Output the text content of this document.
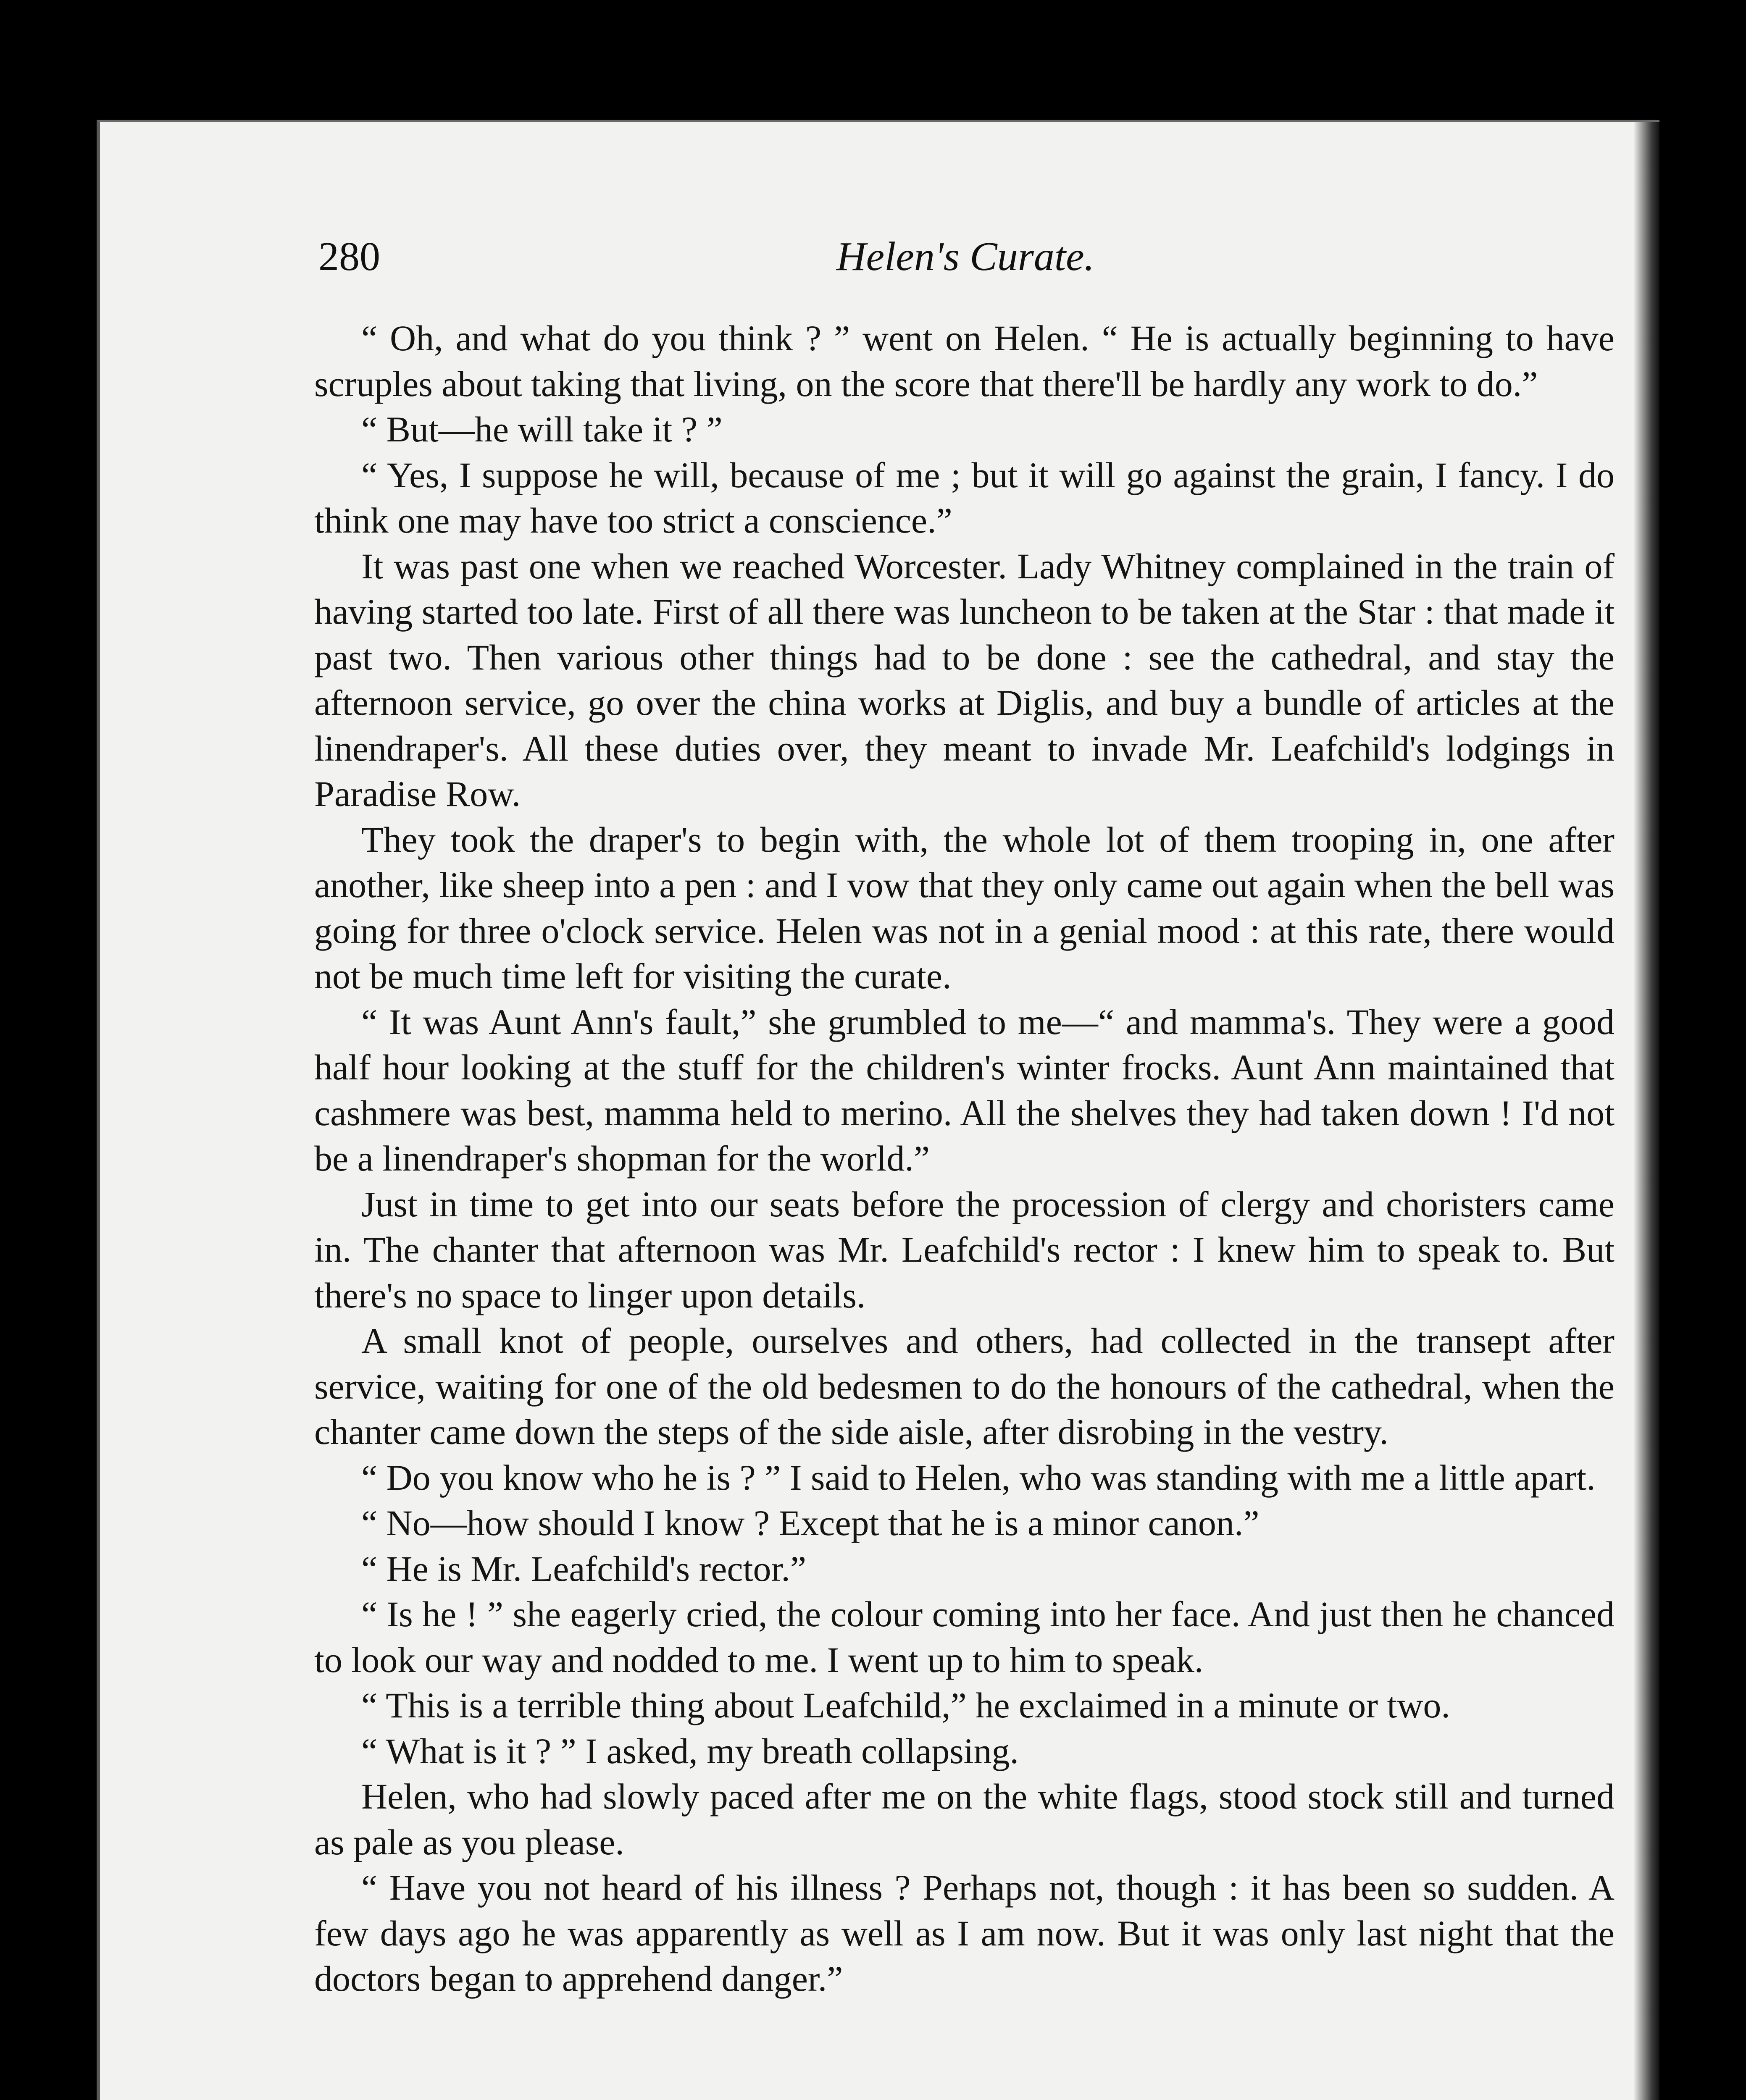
280	Helen's Curate.

“ Oh, and what do you think ? ” went on Helen. “ He is actually beginning to have scruples about taking that living, on the score that there'll be hardly any work to do.”

“ But—he will take it ? ”

“ Yes, I suppose he will, because of me ; but it will go against the grain, I fancy. I do think one may have too strict a conscience.”

It was past one when we reached Worcester. Lady Whitney complained in the train of having started too late. First of all there was luncheon to be taken at the Star : that made it past two. Then various other things had to be done : see the cathedral, and stay the afternoon service, go over the china works at Diglis, and buy a bundle of articles at the linendraper's. All these duties over, they meant to invade Mr. Leafchild's lodgings in Paradise Row.

They took the draper's to begin with, the whole lot of them trooping in, one after another, like sheep into a pen : and I vow that they only came out again when the bell was going for three o'clock service. Helen was not in a genial mood : at this rate, there would not be much time left for visiting the curate.

“ It was Aunt Ann's fault,” she grumbled to me—“ and mamma's. They were a good half hour looking at the stuff for the children's winter frocks. Aunt Ann maintained that cashmere was best, mamma held to merino. All the shelves they had taken down ! I'd not be a linendraper's shopman for the world.”

Just in time to get into our seats before the procession of clergy and choristers came in. The chanter that afternoon was Mr. Leafchild's rector : I knew him to speak to. But there's no space to linger upon details.

A small knot of people, ourselves and others, had collected in the transept after service, waiting for one of the old bedesmen to do the honours of the cathedral, when the chanter came down the steps of the side aisle, after disrobing in the vestry.

“ Do you know who he is ? ” I said to Helen, who was standing with me a little apart.

“ No—how should I know ? Except that he is a minor canon.”

“ He is Mr. Leafchild's rector.”

“ Is he ! ” she eagerly cried, the colour coming into her face. And just then he chanced to look our way and nodded to me. I went up to him to speak.

“ This is a terrible thing about Leafchild,” he exclaimed in a minute or two.

“ What is it ? ” I asked, my breath collapsing.

Helen, who had slowly paced after me on the white flags, stood stock still and turned as pale as you please.

“ Have you not heard of his illness ? Perhaps not, though : it has been so sudden. A few days ago he was apparently as well as I am now. But it was only last night that the doctors began to apprehend danger.”
